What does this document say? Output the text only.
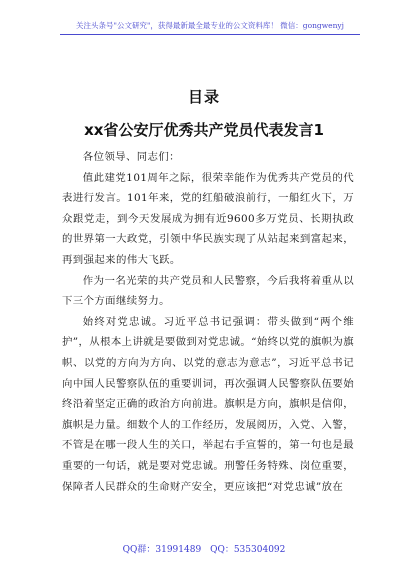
关注头条号"公文研究"，获得最新最全最专业的公文资料库！ 微信：gongwenyj
目录
xx省公安厅优秀共产党员代表发言1

各位领导、同志们：

值此建党101周年之际，很荣幸能作为优秀共产党员的代表进行发言。101年来，党的红船破浪前行，一船红火下，万众跟党走，到今天发展成为拥有近9600多万党员、长期执政的世界第一大政党，引领中华民族实现了从站起来到富起来，再到强起来的伟大飞跃。

作为一名光荣的共产党员和人民警察，今后我将着重从以下三个方面继续努力。

始终对党忠诚。习近平总书记强调：带头做到“两个维护”，从根本上讲就是要做到对党忠诚。“始终以党的旗帜为旗帜、以党的方向为方向、以党的意志为意志”，习近平总书记向中国人民警察队伍的重要训词，再次强调人民警察队伍要始终沿着坚定正确的政治方向前进。旗帜是方向，旗帜是信仰，旗帜是力量。细数个人的工作经历，发展阅历，入党、入警，不管是在哪一段人生的关口，举起右手宣誓的，第一句也是最重要的一句话，就是要对党忠诚。刑警任务特殊、岗位重要，保障者人民群众的生命财产安全，更应该把“对党忠诚”放在

QQ群：31991489 QQ：535304092
